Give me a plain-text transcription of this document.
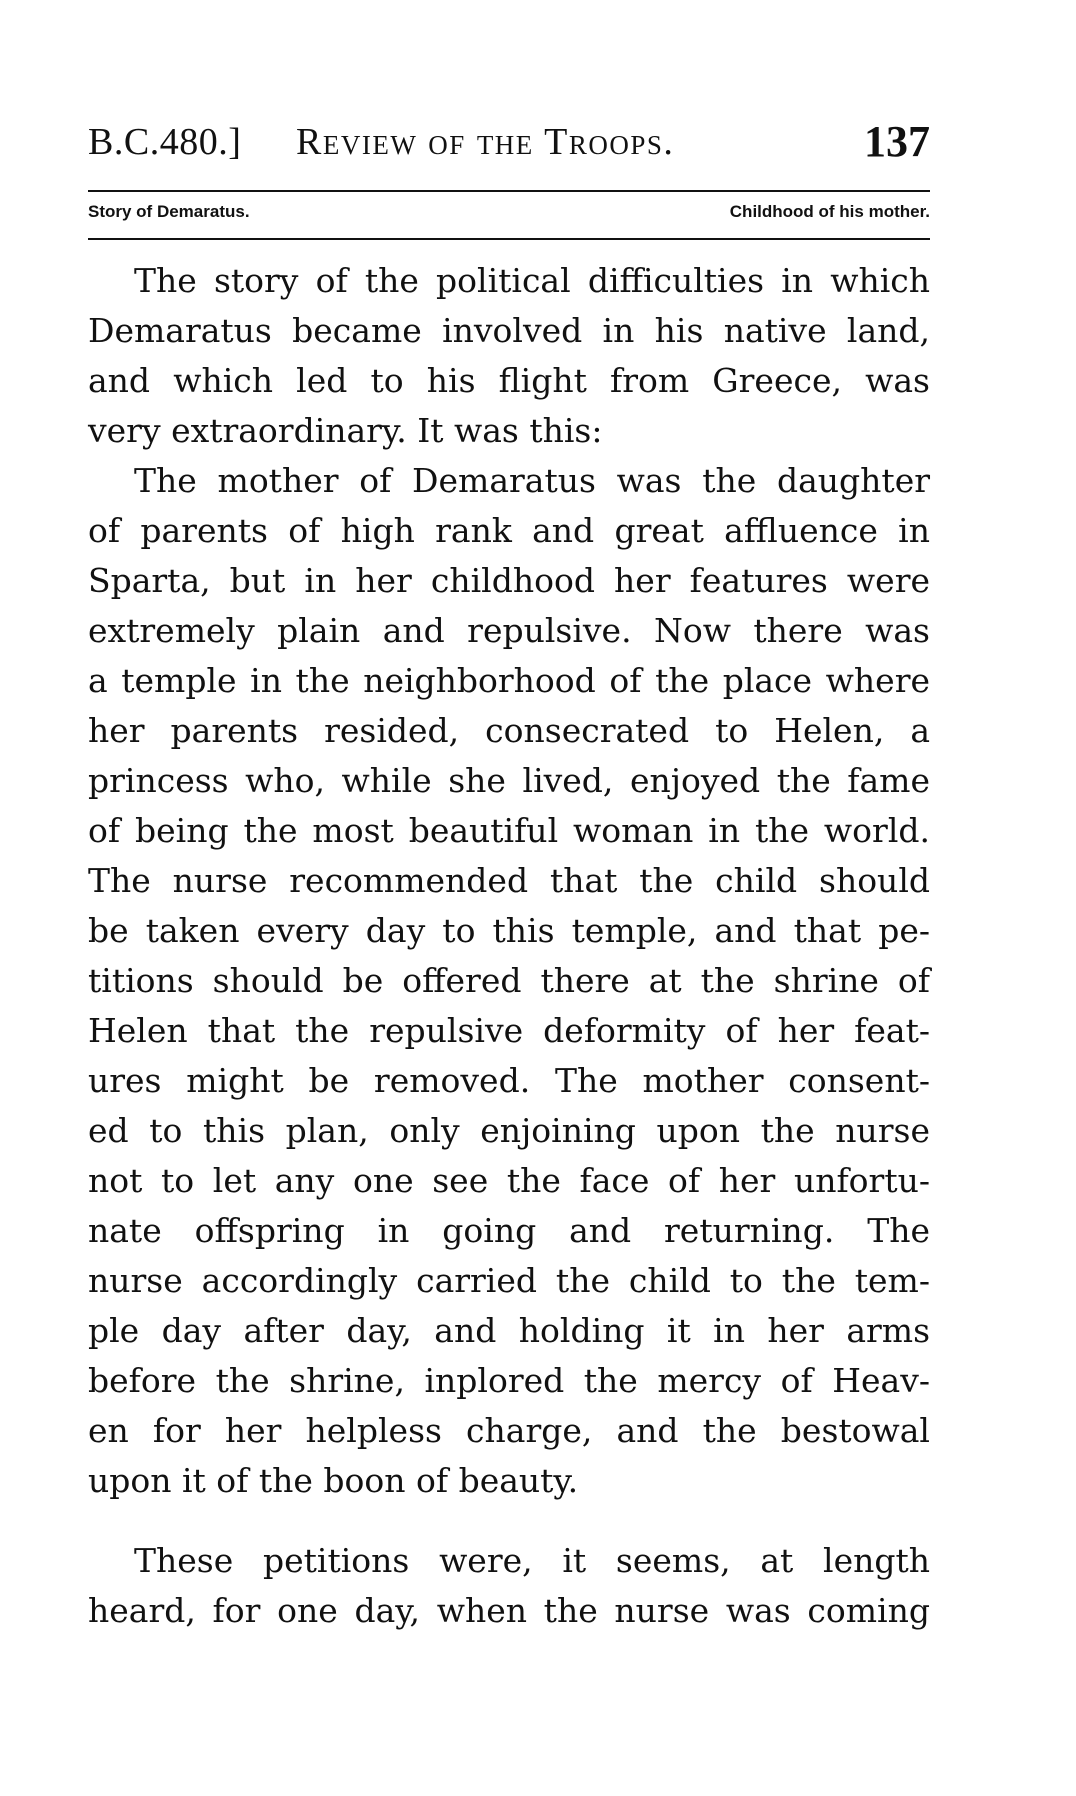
B.C.480.] Review of the Troops.	137
Story of Demaratus.	Childhood of his mother.
The story of the political difficulties in which
Demaratus became involved in his native land,
and which led to his flight from Greece, was
very extraordinary. It was this:
The mother of Demaratus was the daughter
of parents of high rank and great affluence in
Sparta, but in her childhood her features were
extremely plain and repulsive. Now there was
a temple in the neighborhood of the place where
her parents resided, consecrated to Helen, a
princess who, while she lived, enjoyed the fame
of being the most beautiful woman in the world.
The nurse recommended that the child should
be taken every day to this temple, and that pe-
titions should be offered there at the shrine of
Helen that the repulsive deformity of her feat-
ures might be removed. The mother consent-
ed to this plan, only enjoining upon the nurse
not to let any one see the face of her unfortu-
nate offspring in going and returning. The
nurse accordingly carried the child to the tem-
ple day after day, and holding it in her arms
before the shrine, inplored the mercy of Heav-
en for her helpless charge, and the bestowal
upon it of the boon of beauty.
These petitions were, it seems, at length
heard, for one day, when the nurse was coming
